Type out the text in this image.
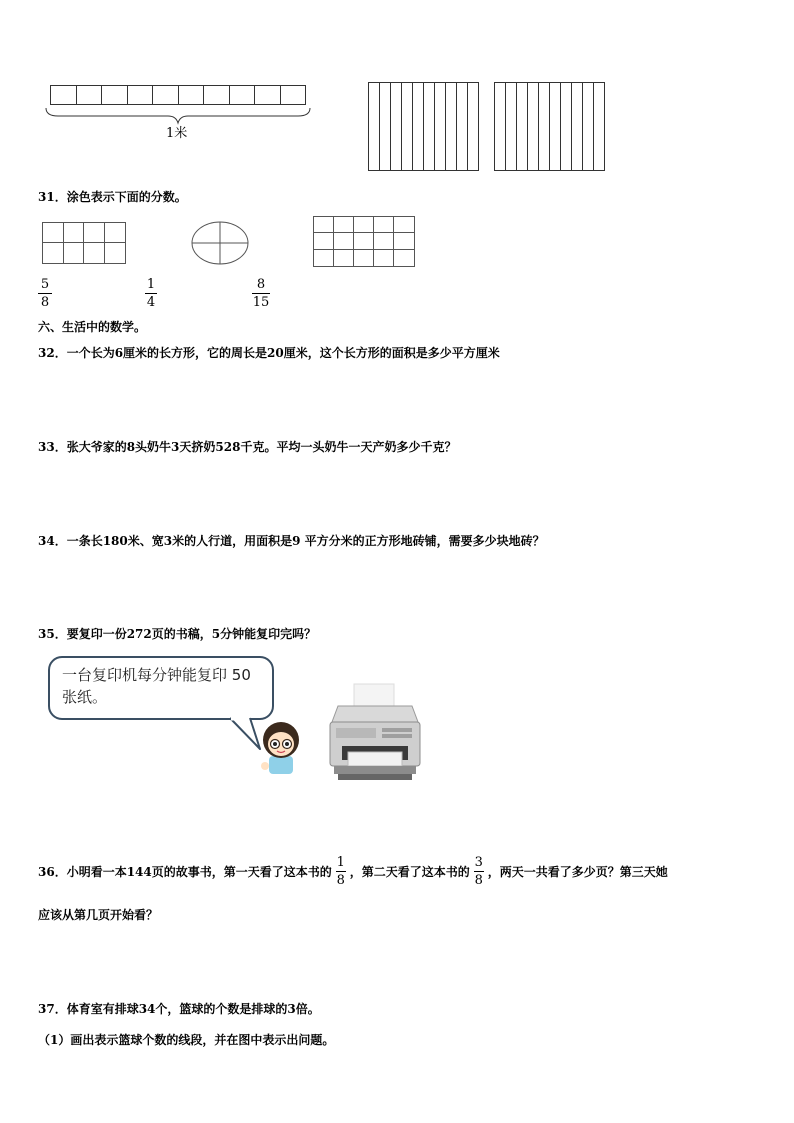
1米
31．涂色表示下面的分数。
5
8
1
4
8
15
六、生活中的数学。
32．一个长为6厘米的长方形，它的周长是20厘米，这个长方形的面积是多少平方厘米
33．张大爷家的8头奶牛3天挤奶528千克。平均一头奶牛一天产奶多少千克？
34．一条长180米、宽3米的人行道，用面积是9 平方分米的正方形地砖铺，需要多少块地砖？
35．要复印一份272页的书稿，5分钟能复印完吗？
一台复印机每分钟能复印 50
张纸。
36．小明看一本144页的故事书，第一天看了这本书的 $\frac{1}{8}$ ，第二天看了这本书的 $\frac{3}{8}$ ，两天一共看了多少页？第三天她
应该从第几页开始看？
37．体育室有排球34个，篮球的个数是排球的3倍。
（1）画出表示篮球个数的线段，并在图中表示出问题。
